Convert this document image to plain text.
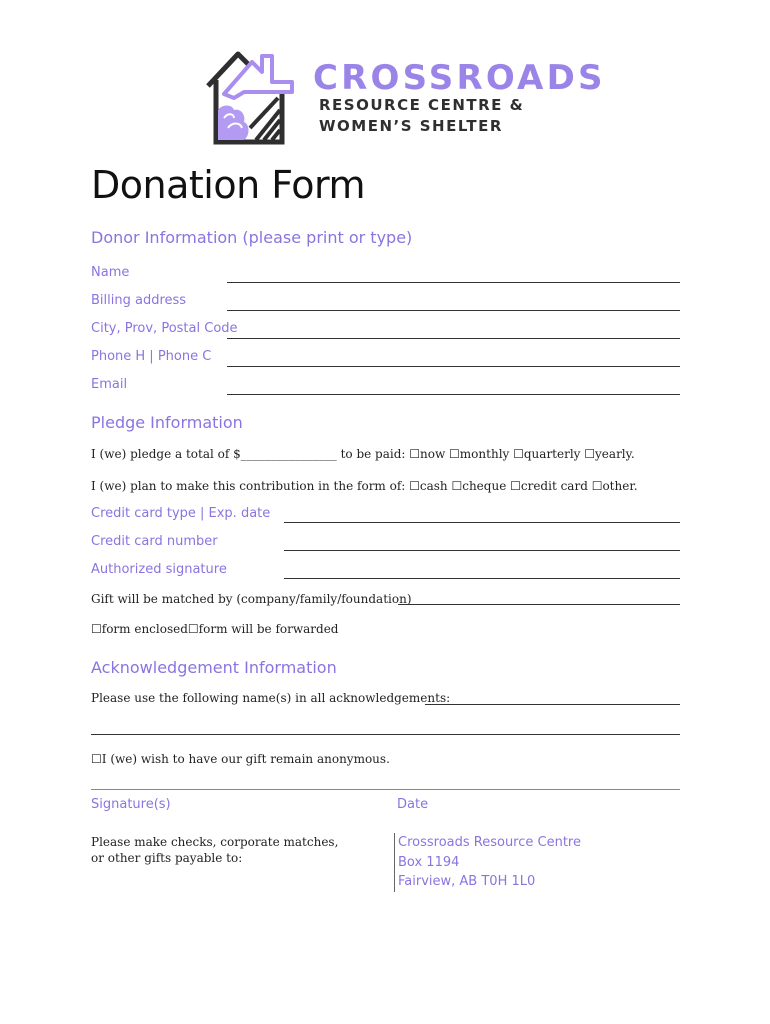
CROSSROADS
RESOURCE CENTRE &
WOMEN’S SHELTER
Donation Form
Donor Information (please print or type)
Name
Billing address
City, Prov, Postal Code
Phone H | Phone C
Email
Pledge Information
I (we) pledge a total of $________________ to be paid: ☐now ☐monthly ☐quarterly ☐yearly.
I (we) plan to make this contribution in the form of: ☐cash ☐cheque ☐credit card ☐other.
Credit card type | Exp. date
Credit card number
Authorized signature
Gift will be matched by (company/family/foundation)
☐form enclosed☐form will be forwarded
Acknowledgement Information
Please use the following name(s) in all acknowledgements:
☐I (we) wish to have our gift remain anonymous.
Signature(s)	Date
Please make checks, corporate matches,
or other gifts payable to:
Crossroads Resource Centre
Box 1194
Fairview, AB T0H 1L0
